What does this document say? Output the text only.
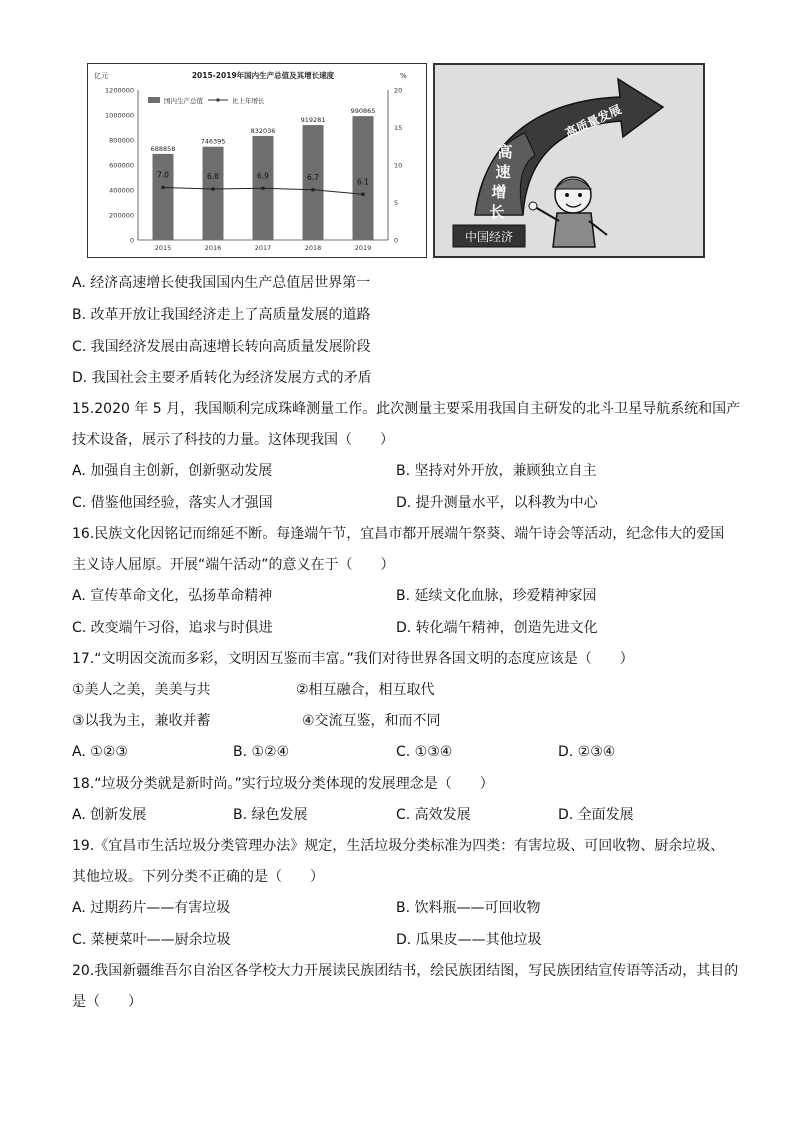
2015-2019年国内生产总值及其增长速度
亿元	%
1200000
1000000
800000
600000
400000
200000
0
20
15
10
5
0
国内生产总值	比上年增长
688858
2015
746395
2016
832036
2017
919281
2018
990865
2019
7.0	6.8	6.9	6.7	6.1
中国经济
高
速
增
长
高质量发展
A. 经济高速增长使我国国内生产总值居世界第一
B. 改革开放让我国经济走上了高质量发展的道路
C. 我国经济发展由高速增长转向高质量发展阶段
D. 我国社会主要矛盾转化为经济发展方式的矛盾
15.2020 年 5 月，我国顺利完成珠峰测量工作。此次测量主要采用我国自主研发的北斗卫星导航系统和国产
技术设备，展示了科技的力量。这体现我国（　　）
A. 加强自主创新，创新驱动发展	B. 坚持对外开放，兼顾独立自主
C. 借鉴他国经验，落实人才强国	D. 提升测量水平，以科教为中心
16.民族文化因铭记而绵延不断。每逢端午节，宜昌市都开展端午祭葵、端午诗会等活动，纪念伟大的爱国
主义诗人屈原。开展“端午活动”的意义在于（　　）
A. 宣传革命文化，弘扬革命精神	B. 延续文化血脉，珍爱精神家园
C. 改变端午习俗，追求与时俱进	D. 转化端午精神，创造先进文化
17.“文明因交流而多彩，文明因互鉴而丰富。”我们对待世界各国文明的态度应该是（　　）
①美人之美，美美与共	②相互融合，相互取代
③以我为主，兼收并蓄	④交流互鉴，和而不同
A. ①②③	B. ①②④	C. ①③④	D. ②③④
18.“垃圾分类就是新时尚。”实行垃圾分类体现的发展理念是（　　）
A. 创新发展	B. 绿色发展	C. 高效发展	D. 全面发展
19.《宜昌市生活垃圾分类管理办法》规定，生活垃圾分类标准为四类：有害垃圾、可回收物、厨余垃圾、
其他垃圾。下列分类不正确的是（　　）
A. 过期药片——有害垃圾	B. 饮料瓶——可回收物
C. 菜梗菜叶——厨余垃圾	D. 瓜果皮——其他垃圾
20.我国新疆维吾尔自治区各学校大力开展读民族团结书，绘民族团结图，写民族团结宣传语等活动，其目的
是（　　）
